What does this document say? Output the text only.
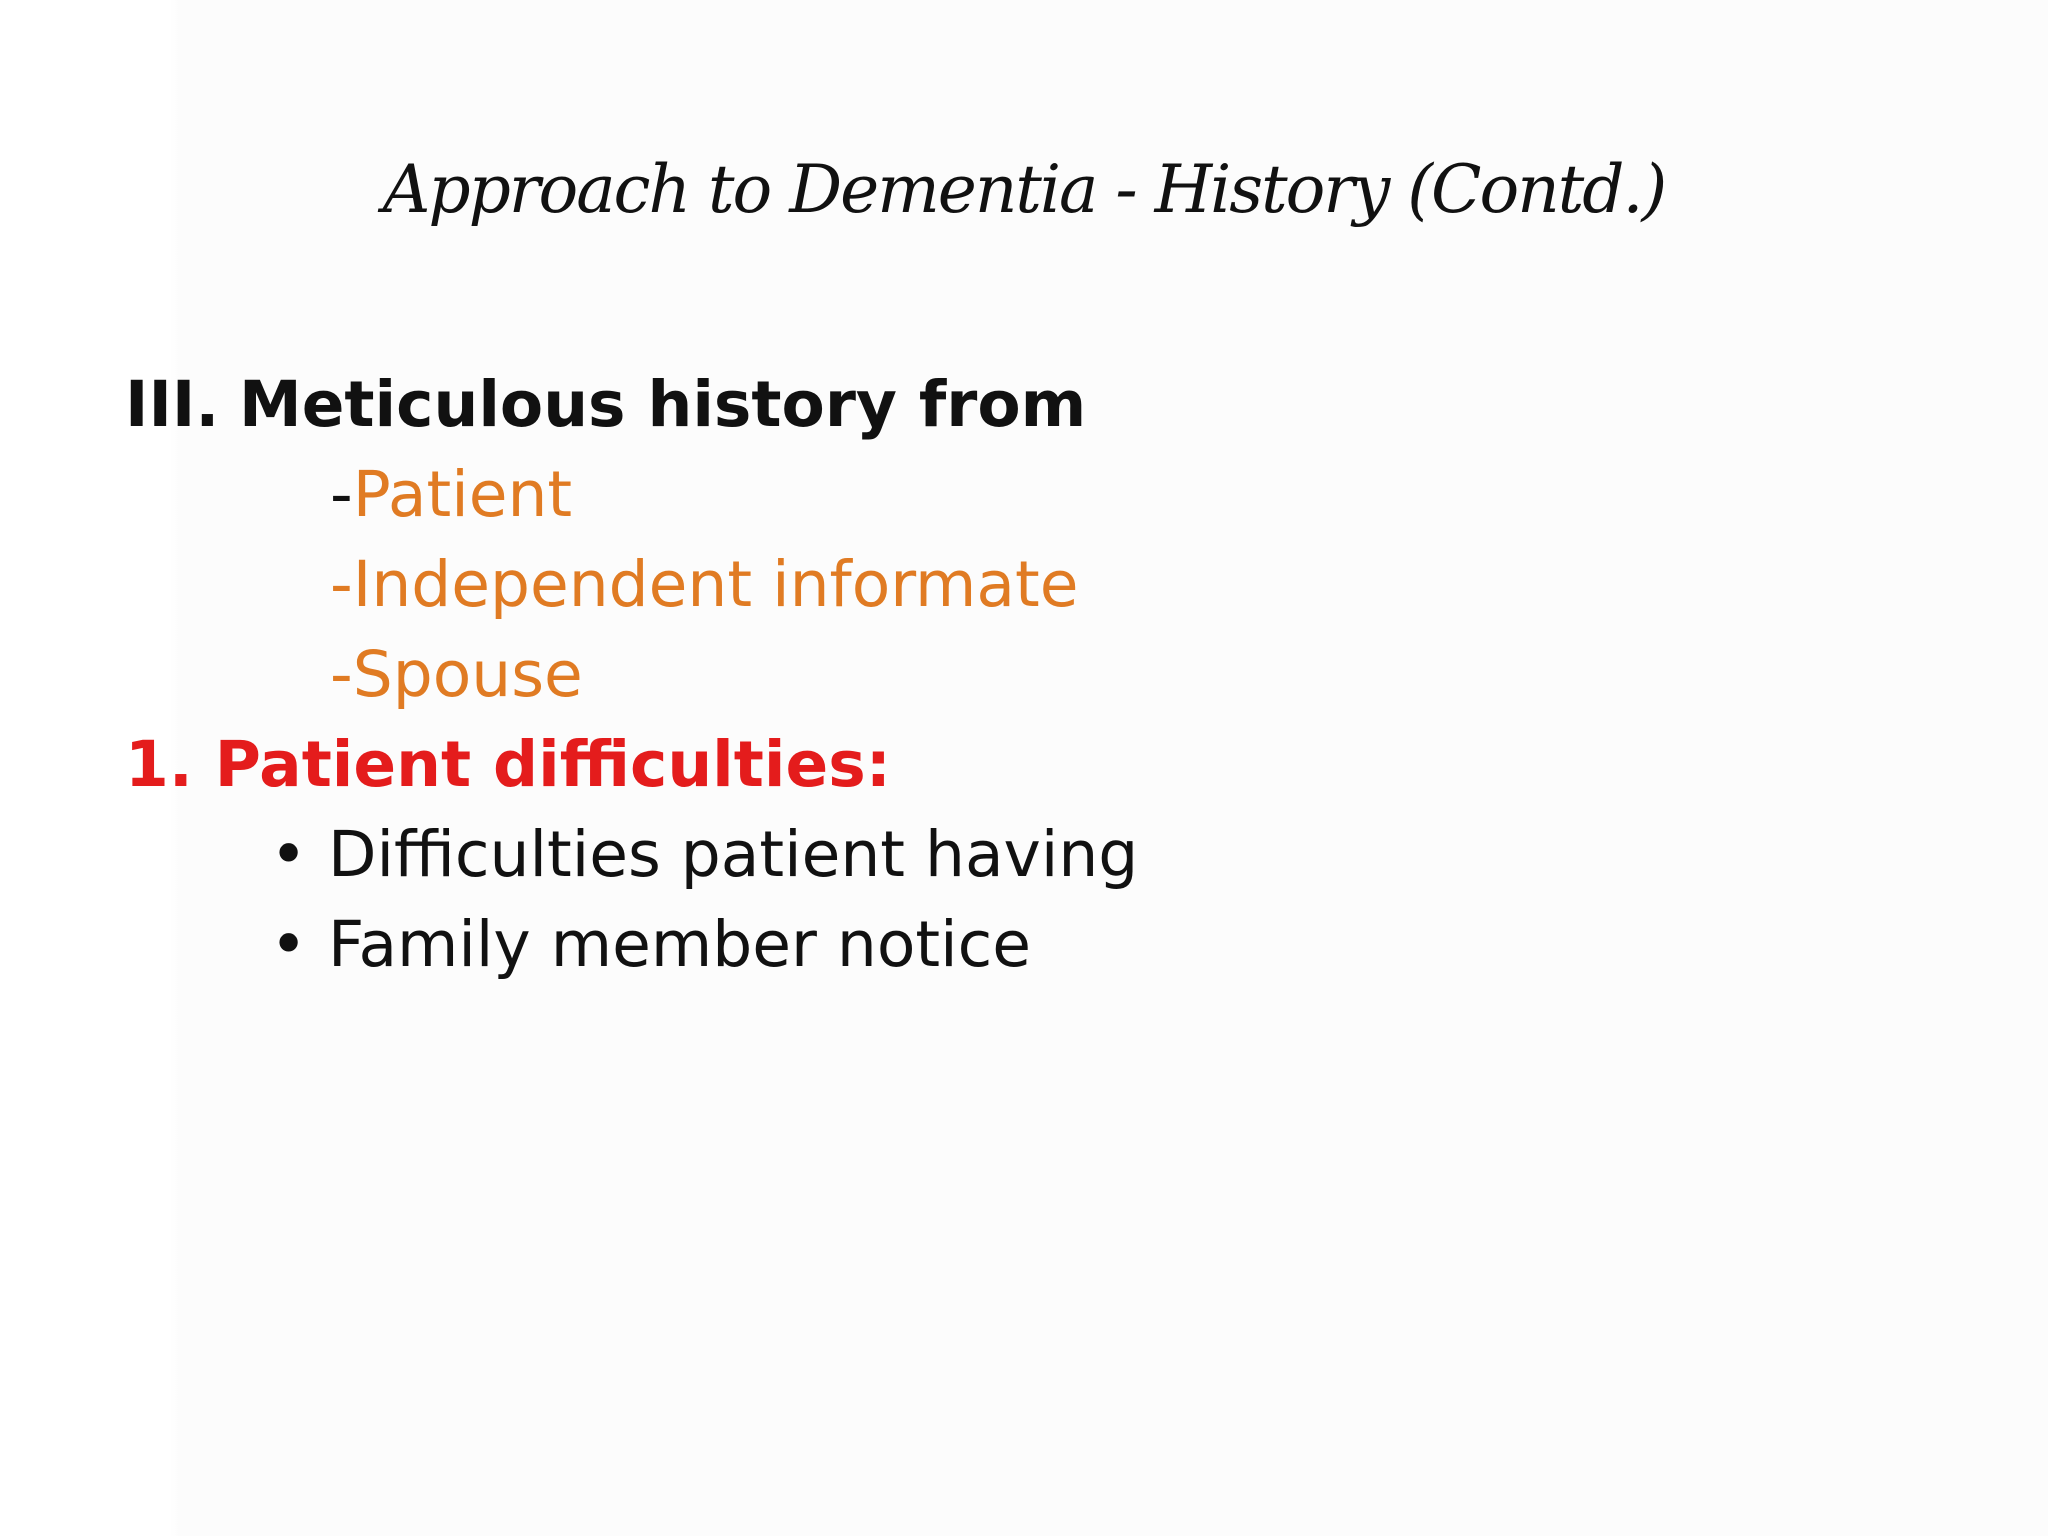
Approach to Dementia - History (Contd.)
III. Meticulous history from
-Patient
-Independent informate
-Spouse
1. Patient difficulties:
• Difficulties patient having
• Family member notice
